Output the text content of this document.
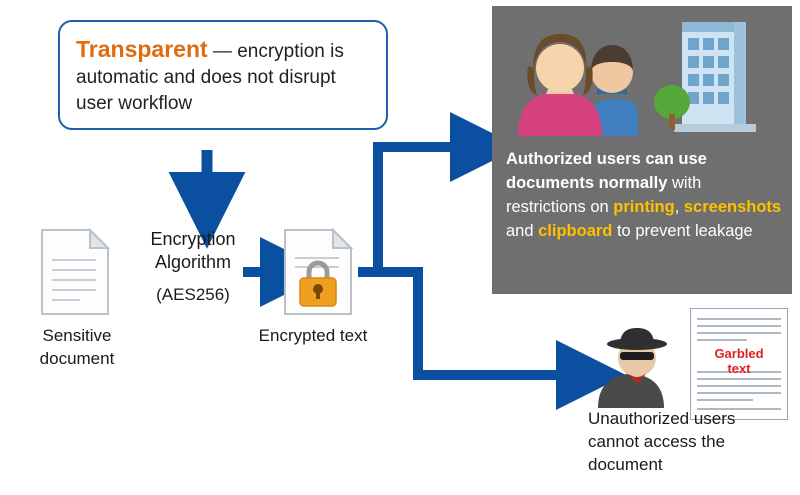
Transparent — encryption is
automatic and does not disrupt
user workflow
Authorized users can use documents normally with restrictions on printing, screenshots and clipboard to prevent leakage
Sensitive
document
Encryption
Algorithm
(AES256)
Encrypted text
Garbled
text
Unauthorized users
cannot access the
document
